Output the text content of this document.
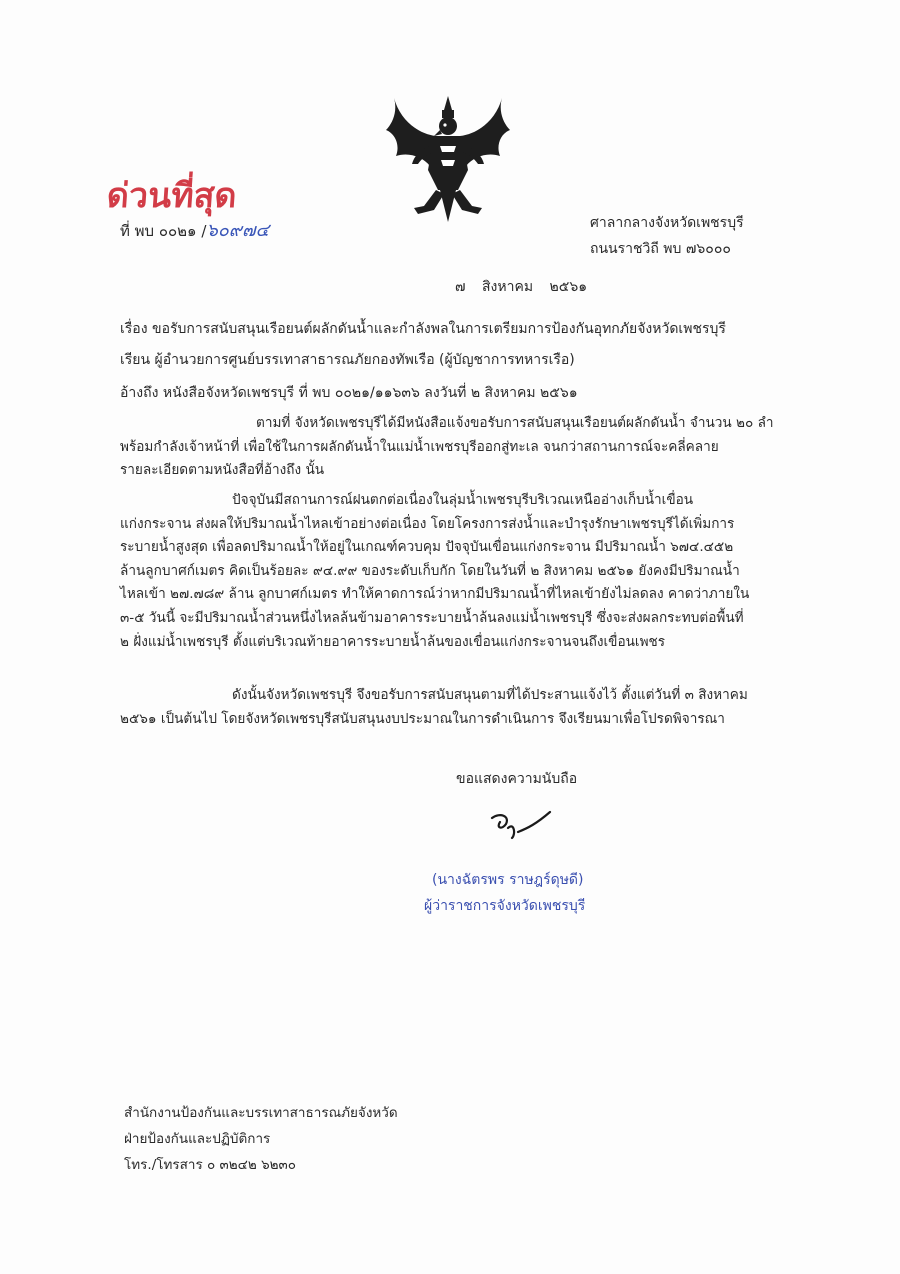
ด่วนที่สุด
ที่ พบ ๐๐๒๑ /๖๐๙๗๔	ศาลากลางจังหวัดเพชรบุรี
ถนนราชวิถี พบ ๗๖๐๐๐
๗ สิงหาคม ๒๕๖๑
เรื่อง ขอรับการสนับสนุนเรือยนต์ผลักดันน้ำและกำลังพลในการเตรียมการป้องกันอุทกภัยจังหวัดเพชรบุรี
เรียน ผู้อำนวยการศูนย์บรรเทาสาธารณภัยกองทัพเรือ (ผู้บัญชาการทหารเรือ)
อ้างถึง หนังสือจังหวัดเพชรบุรี ที่ พบ ๐๐๒๑/๑๑๖๓๖ ลงวันที่ ๒ สิงหาคม ๒๕๖๑
ตามที่ จังหวัดเพชรบุรีได้มีหนังสือแจ้งขอรับการสนับสนุนเรือยนต์ผลักดันน้ำ จำนวน ๒๐ ลำ
พร้อมกำลังเจ้าหน้าที่ เพื่อใช้ในการผลักดันน้ำในแม่น้ำเพชรบุรีออกสู่ทะเล จนกว่าสถานการณ์จะคลี่คลาย
รายละเอียดตามหนังสือที่อ้างถึง นั้น
ปัจจุบันมีสถานการณ์ฝนตกต่อเนื่องในลุ่มน้ำเพชรบุรีบริเวณเหนืออ่างเก็บน้ำเขื่อน
แก่งกระจาน ส่งผลให้ปริมาณน้ำไหลเข้าอย่างต่อเนื่อง โดยโครงการส่งน้ำและบำรุงรักษาเพชรบุรีได้เพิ่มการ
ระบายน้ำสูงสุด เพื่อลดปริมาณน้ำให้อยู่ในเกณฑ์ควบคุม ปัจจุบันเขื่อนแก่งกระจาน มีปริมาณน้ำ ๖๗๔.๔๕๒
ล้านลูกบาศก์เมตร คิดเป็นร้อยละ ๙๔.๙๙ ของระดับเก็บกัก โดยในวันที่ ๒ สิงหาคม ๒๕๖๑ ยังคงมีปริมาณน้ำ
ไหลเข้า ๒๗.๗๘๙ ล้าน ลูกบาศก์เมตร ทำให้คาดการณ์ว่าหากมีปริมาณน้ำที่ไหลเข้ายังไม่ลดลง คาดว่าภายใน
๓-๕ วันนี้ จะมีปริมาณน้ำส่วนหนึ่งไหลล้นข้ามอาคารระบายน้ำล้นลงแม่น้ำเพชรบุรี ซึ่งจะส่งผลกระทบต่อพื้นที่
๒ ฝั่งแม่น้ำเพชรบุรี ตั้งแต่บริเวณท้ายอาคารระบายน้ำล้นของเขื่อนแก่งกระจานจนถึงเขื่อนเพชร
ดังนั้นจังหวัดเพชรบุรี จึงขอรับการสนับสนุนตามที่ได้ประสานแจ้งไว้ ตั้งแต่วันที่ ๓ สิงหาคม
๒๕๖๑ เป็นต้นไป โดยจังหวัดเพชรบุรีสนับสนุนงบประมาณในการดำเนินการ จึงเรียนมาเพื่อโปรดพิจารณา
ขอแสดงความนับถือ
(นางฉัตรพร ราษฎร์ดุษดี)
ผู้ว่าราชการจังหวัดเพชรบุรี
สำนักงานป้องกันและบรรเทาสาธารณภัยจังหวัด
ฝ่ายป้องกันและปฏิบัติการ
โทร./โทรสาร ๐ ๓๒๔๒ ๖๒๓๐
